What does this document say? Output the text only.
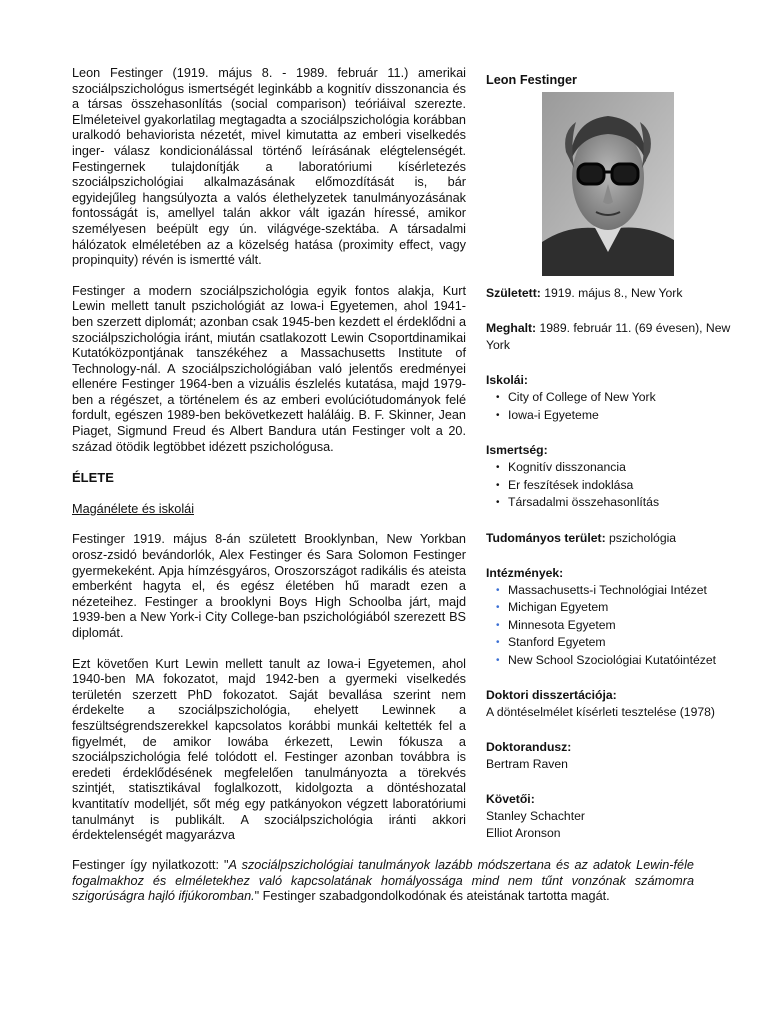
Leon Festinger (1919. május 8. - 1989. február 11.) amerikai szociálpszichológus ismertségét leginkább a kognitív disszonancia és a társas összehasonlítás (social comparison) teóriáival szerezte. Elméleteivel gyakorlatilag megtagadta a szociálpszichológia korábban uralkodó behaviorista nézetét, mivel kimutatta az emberi viselkedés inger- válasz kondicionálással történő leírásának elégtelenségét. Festingernek tulajdonítják a laboratóriumi kísérletezés szociálpszichológiai alkalmazásának előmozdítását is, bár egyidejűleg hangsúlyozta a valós élethelyzetek tanulmányozásának fontosságát is, amellyel talán akkor vált igazán híressé, amikor személyesen beépült egy ún. világvége-szektába. A társadalmi hálózatok elméletében az a közelség hatása (proximity effect, vagy propinquity) révén is ismertté vált.

Festinger a modern szociálpszichológia egyik fontos alakja, Kurt Lewin mellett tanult pszichológiát az Iowa-i Egyetemen, ahol 1941- ben szerzett diplomát; azonban csak 1945-ben kezdett el érdeklődni a szociálpszichológia iránt, miután csatlakozott Lewin Csoportdinamikai Kutatóközpontjának tanszékéhez a Massachusetts Institute of Technology-nál. A szociálpszichológiában való jelentős eredményei ellenére Festinger 1964-ben a vizuális észlelés kutatása, majd 1979-ben a régészet, a történelem és az emberi evolúciótudományok felé fordult, egészen 1989-ben bekövetkezett haláláig. B. F. Skinner, Jean Piaget, Sigmund Freud és Albert Bandura után Festinger volt a 20. század ötödik legtöbbet idézett pszichológusa.

ÉLETE
Magánélete és iskolái

Festinger 1919. május 8-án született Brooklynban, New Yorkban orosz-zsidó bevándorlók, Alex Festinger és Sara Solomon Festinger gyermekeként. Apja hímzésgyáros, Oroszországot radikális és ateista emberként hagyta el, és egész életében hű maradt ezen a nézeteihez. Festinger a brooklyni Boys High Schoolba járt, majd 1939-ben a New York-i City College-ban pszichológiából szerezett BS diplomát.

Ezt követően Kurt Lewin mellett tanult az Iowa-i Egyetemen, ahol 1940-ben MA fokozatot, majd 1942-ben a gyermeki viselkedés területén szerzett PhD fokozatot. Saját bevallása szerint nem érdekelte a szociálpszichológia, ehelyett Lewinnek a feszültségrendszerekkel kapcsolatos korábbi munkái keltették fel a figyelmét, de amikor Iowába érkezett, Lewin fókusza a szociálpszichológia felé tolódott el. Festinger azonban továbbra is eredeti érdeklődésének megfelelően tanulmányozta a törekvés szintjét, statisztikával foglalkozott, kidolgozta a döntéshozatal kvantitatív modelljét, sőt még egy patkányokon végzett laboratóriumi tanulmányt is publikált. A szociálpszichológia iránti akkori érdektelenségét magyarázva

Festinger így nyilatkozott: "A szociálpszichológiai tanulmányok lazább módszertana és az adatok Lewin-féle fogalmakhoz és elméletekhez való kapcsolatának homályossága mind nem tűnt vonzónak számomra szigorúságra hajló ifjúkoromban." Festinger szabadgondolkodónak és ateistának tartotta magát.

Leon Festinger
Született: 1919. május 8., New York
Meghalt: 1989. február 11. (69 évesen), New York
Iskolái:
• City of College of New York
• Iowa-i Egyeteme
Ismertség:
• Kognitív disszonancia
• Er feszítések indoklása
• Társadalmi összehasonlítás
Tudományos terület: pszichológia
Intézmények:
• Massachusetts-i Technológiai Intézet
• Michigan Egyetem
• Minnesota Egyetem
• Stanford Egyetem
• New School Szociológiai Kutatóintézet
Doktori disszertációja:
A döntéselmélet kísérleti tesztelése (1978)
Doktorandusz:
Bertram Raven
Követői:
Stanley Schachter
Elliot Aronson
